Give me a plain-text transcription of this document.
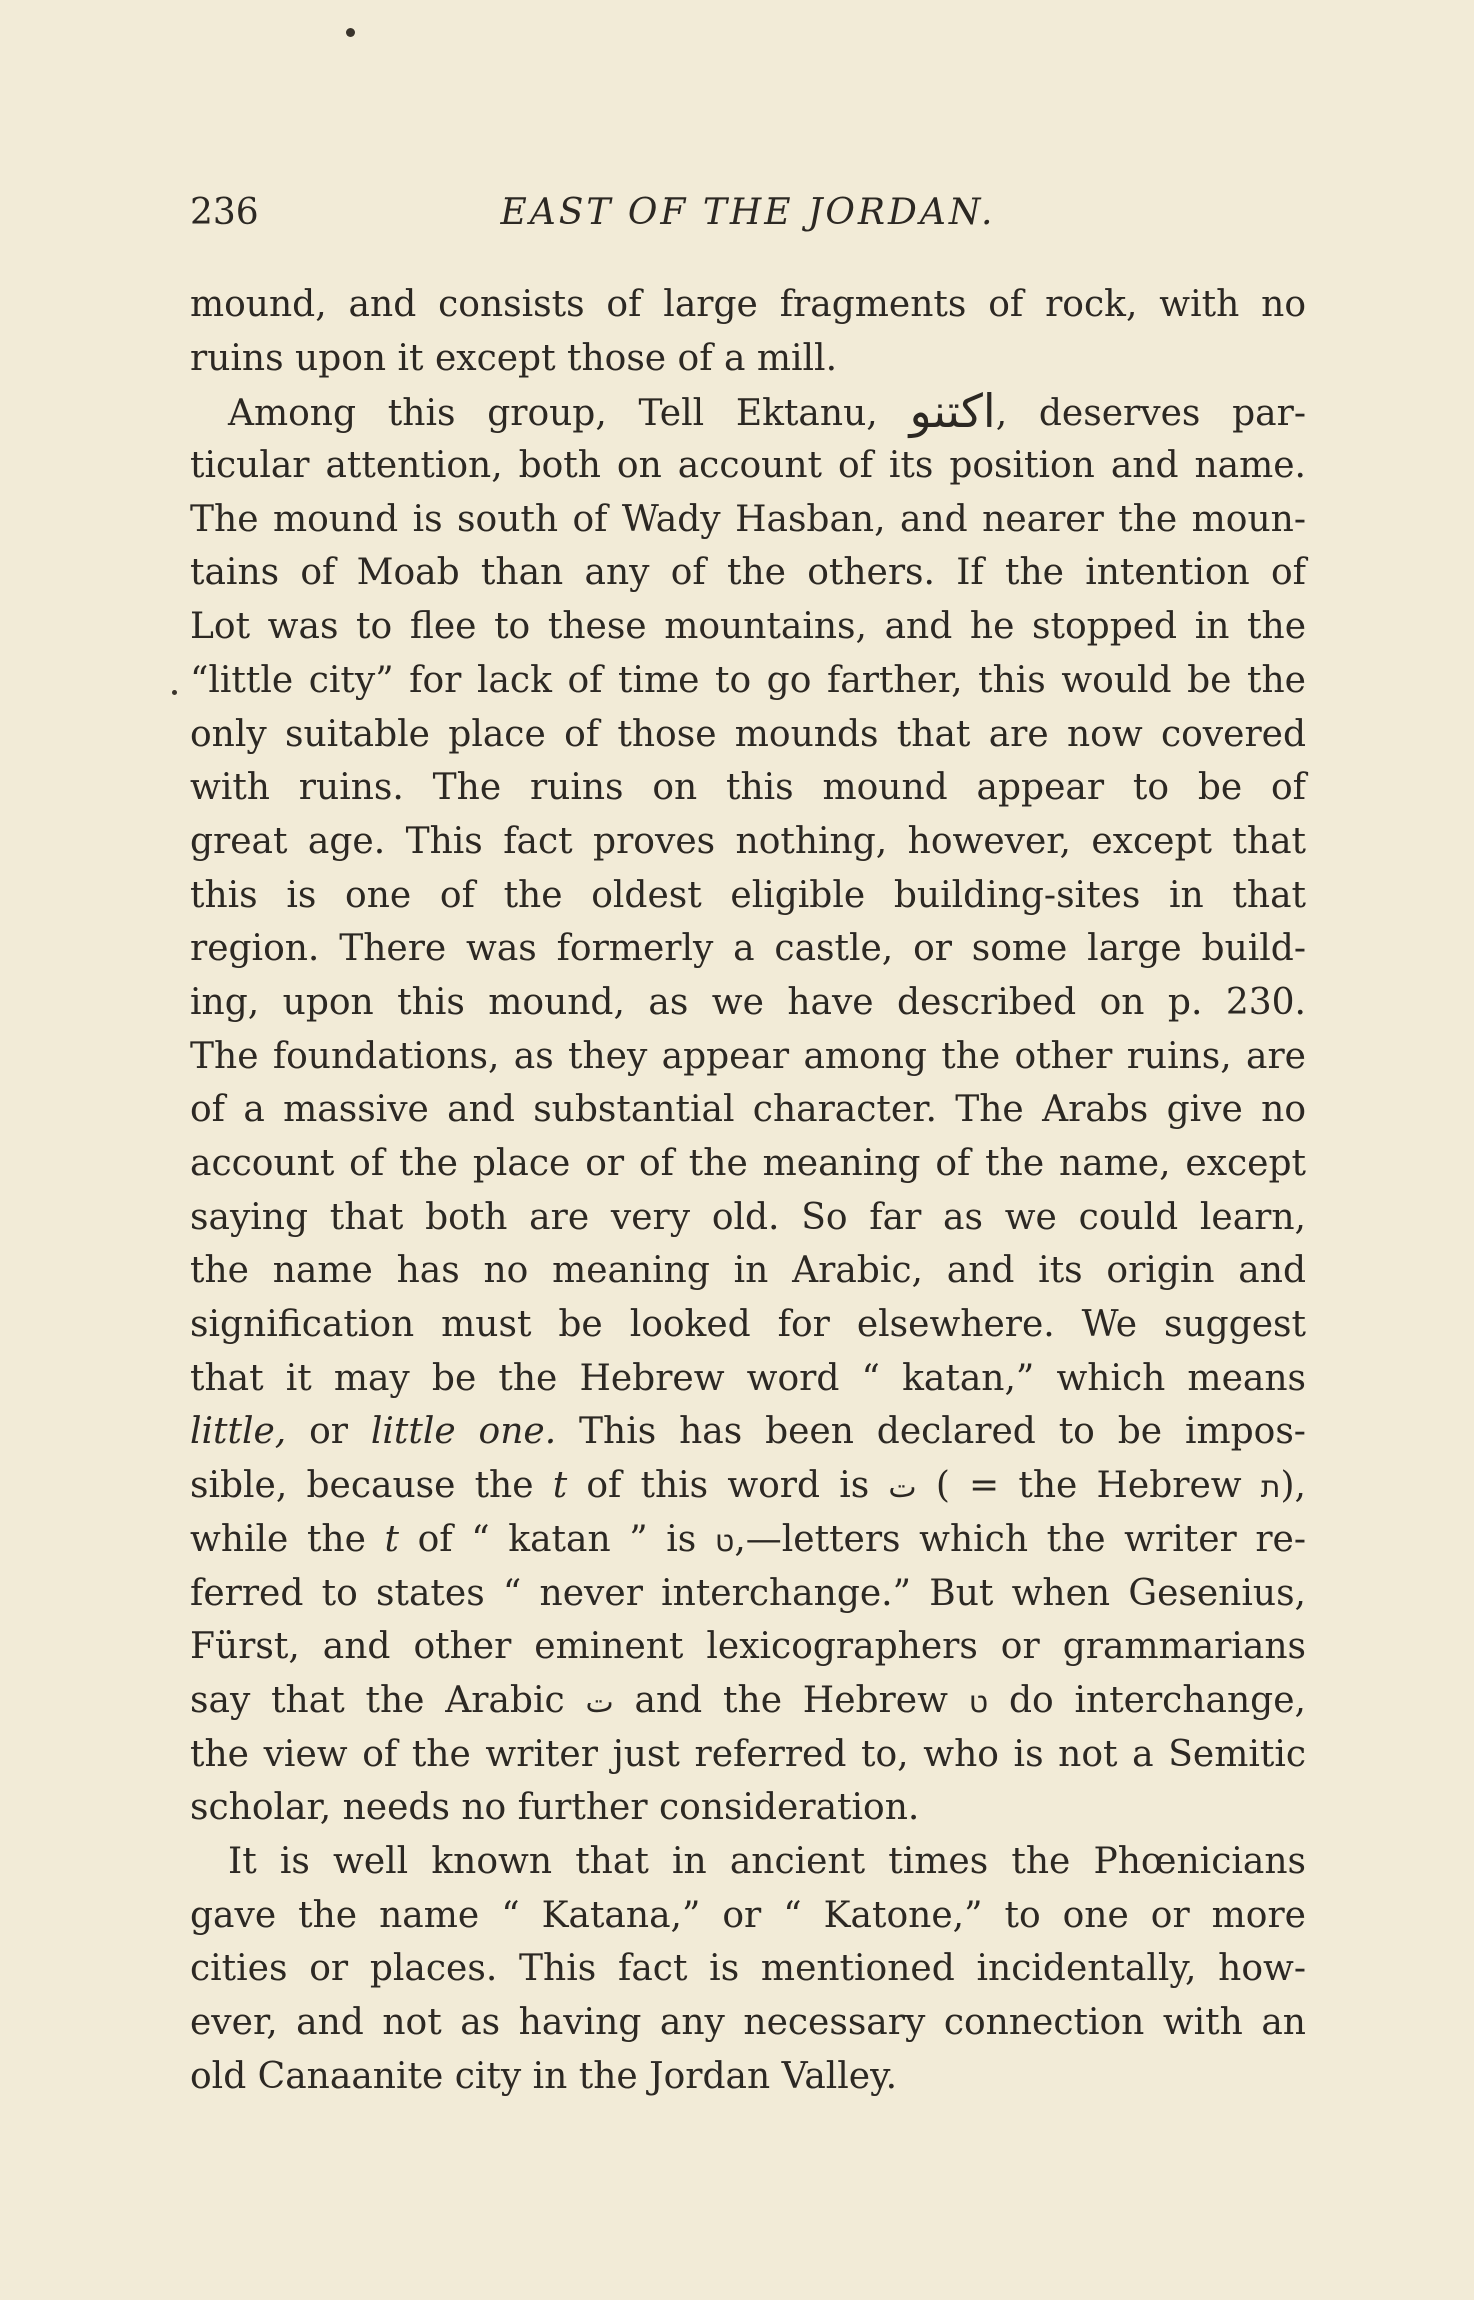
236	EAST OF THE JORDAN.
mound, and consists of large fragments of rock, with no
ruins upon it except those of a mill.
Among this group, Tell Ektanu, اكتنو, deserves par-
ticular attention, both on account of its position and name.
The mound is south of Wady Hasban, and nearer the moun-
tains of Moab than any of the others. If the intention of
Lot was to flee to these mountains, and he stopped in the
“little city” for lack of time to go farther, this would be the
only suitable place of those mounds that are now covered
with ruins. The ruins on this mound appear to be of
great age. This fact proves nothing, however, except that
this is one of the oldest eligible building-sites in that
region. There was formerly a castle, or some large build-
ing, upon this mound, as we have described on p. 230.
The foundations, as they appear among the other ruins, are
of a massive and substantial character. The Arabs give no
account of the place or of the meaning of the name, except
saying that both are very old. So far as we could learn,
the name has no meaning in Arabic, and its origin and
signification must be looked for elsewhere. We suggest
that it may be the Hebrew word “ katan,” which means
little, or little one. This has been declared to be impos-
sible, because the t of this word is ت ( = the Hebrew ת),
while the t of “ katan ” is ט,—letters which the writer re-
ferred to states “ never interchange.” But when Gesenius,
Fürst, and other eminent lexicographers or grammarians
say that the Arabic ت and the Hebrew ט do interchange,
the view of the writer just referred to, who is not a Semitic
scholar, needs no further consideration.
It is well known that in ancient times the Phœnicians
gave the name “ Katana,” or “ Katone,” to one or more
cities or places. This fact is mentioned incidentally, how-
ever, and not as having any necessary connection with an
old Canaanite city in the Jordan Valley.
